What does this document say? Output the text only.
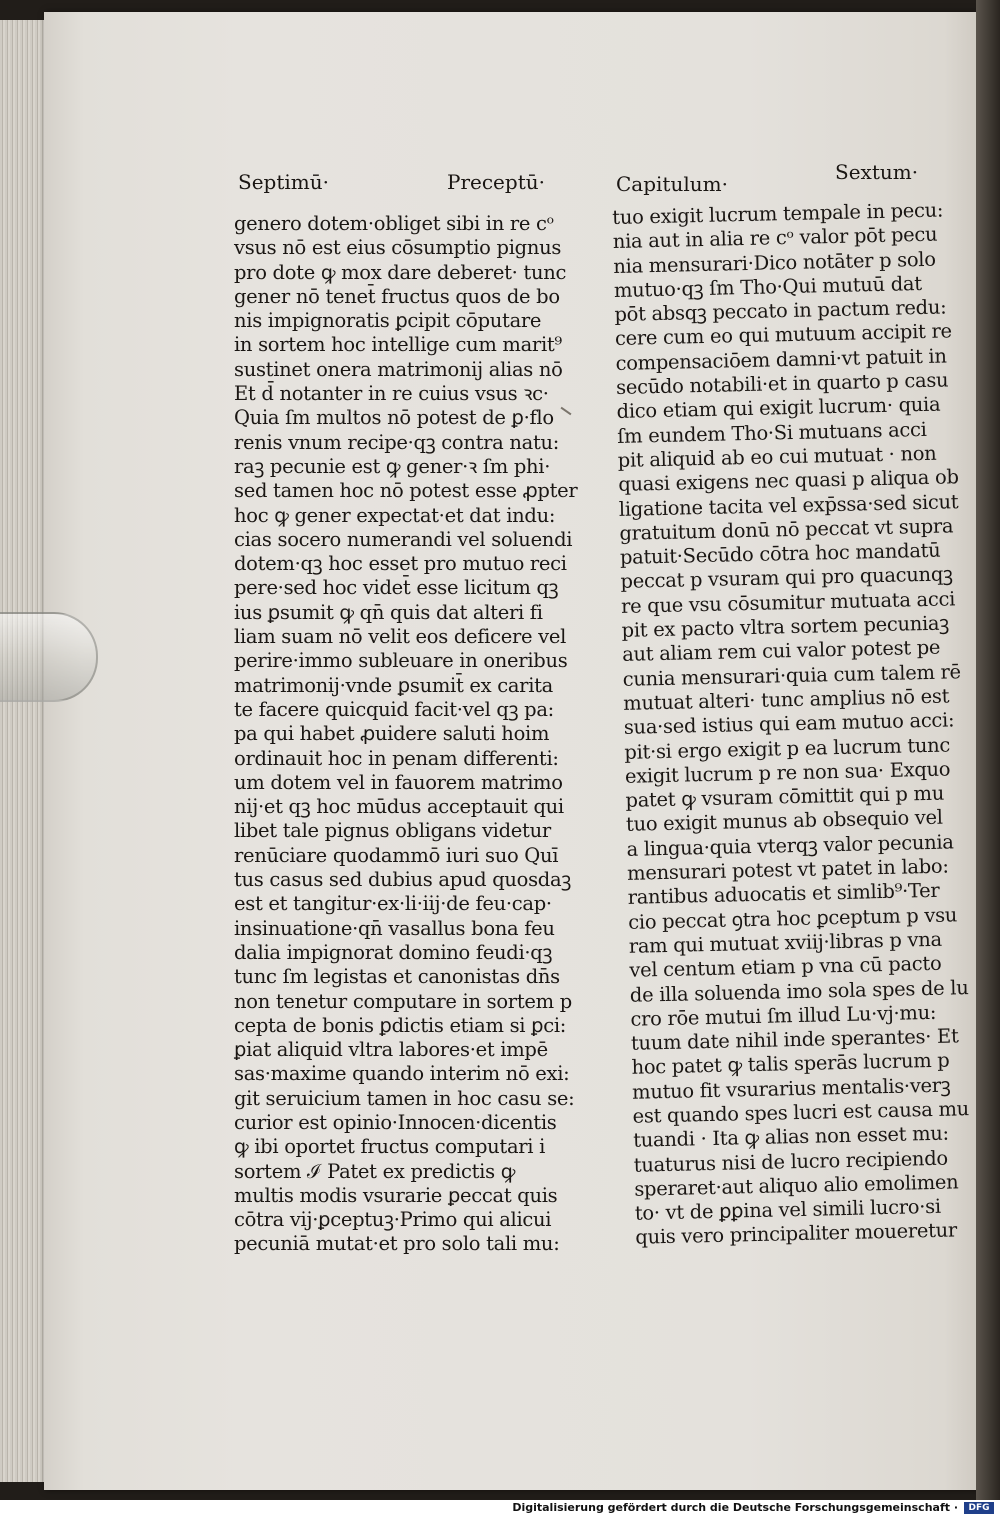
Septimū·	Preceptū·	Capitulum·	Sextum·
genero dotem·obliget sibi in re cᵒ
vsus nō est eius cōsumptio pignus
pro dote ꝙ mox dare deberet· tunc
gener nō tenet̄ fructus quos de bo
nis impignoratis ꝑcipit cōputare
in sortem hoc intellige cum marit⁹
sustinet onera matrimonij alias nō
Et d̄ notanter in re cuius vsus ꝛc·
Quia ſm multos nō potest de ꝑ·flo
renis vnum recipe·qꝫ contra natu:
raꝫ pecunie est ꝙ gener·ꝛ ſm phi·
sed tamen hoc nō potest esse ꝓpter
hoc ꝙ gener expectat·et dat indu:
cias socero numerandi vel soluendi
dotem·qꝫ hoc esset pro mutuo reci
pere·sed hoc videt̄ esse licitum qꝫ
ius ꝑsumit ꝙ qn̄ quis dat alteri fi
liam suam nō velit eos deficere vel
perire·immo subleuare in oneribus
matrimonij·vnde ꝑsumit̄ ex carita
te facere quicquid facit·vel qꝫ pa:
pa qui habet ꝓuidere saluti hoim
ordinauit hoc in penam differenti:
um dotem vel in fauorem matrimo
nij·et qꝫ hoc mūdus acceptauit qui
libet tale pignus obligans videtur
renūciare quodammō iuri suo Quī
tus casus sed dubius apud quosdaꝫ
est et tangitur·ex·li·iij·de feu·cap·
insinuatione·qn̄ vasallus bona feu
dalia impignorat domino feudi·qꝫ
tunc ſm legistas et canonistas dn̄s
non tenetur computare in sortem p
cepta de bonis ꝑdictis etiam si ꝑci:
ꝑiat aliquid vltra labores·et impē
sas·maxime quando interim nō exi:
git seruicium tamen in hoc casu se:
curior est opinio·Innocen·dicentis
ꝙ ibi oportet fructus computari i
sortem ℐ Patet ex predictis ꝙ
multis modis vsurarie ꝑeccat quis
cōtra vij·ꝑceptuꝫ·Primo qui alicui
pecuniā mutat·et pro solo tali mu:
tuo exigit lucrum tempale in pecu:
nia aut in alia re cᵒ valor pōt pecu
nia mensurari·Dico notāter p solo
mutuo·qꝫ ſm Tho·Qui mutuū dat
pōt absqꝫ peccato in pactum redu:
cere cum eo qui mutuum accipit re
compensaciōem damni·vt patuit in
secūdo notabili·et in quarto p casu
dico etiam qui exigit lucrum· quia
ſm eundem Tho·Si mutuans acci
pit aliquid ab eo cui mutuat · non
quasi exigens nec quasi p aliqua ob
ligatione tacita vel exp̄ssa·sed sicut
gratuitum donū nō peccat vt supra
patuit·Secūdo cōtra hoc mandatū
peccat p vsuram qui pro quacunqꝫ
re que vsu cōsumitur mutuata acci
pit ex pacto vltra sortem pecuniaꝫ
aut aliam rem cui valor potest pe
cunia mensurari·quia cum talem rē
mutuat alteri· tunc amplius nō est
sua·sed istius qui eam mutuo acci:
pit·si ergo exigit p ea lucrum tunc
exigit lucrum p re non sua· Exquo
patet ꝙ vsuram cōmittit qui p mu
tuo exigit munus ab obsequio vel
a lingua·quia vterqꝫ valor pecunia
mensurari potest vt patet in labo:
rantibus aduocatis et simlib⁹·Ter
cio peccat ꝯtra hoc ꝑceptum p vsu
ram qui mutuat xviij·libras p vna
vel centum etiam p vna cū pacto
de illa soluenda imo sola spes de lu
cro rōe mutui ſm illud Lu·vj·mu:
tuum date nihil inde sperantes· Et
hoc patet ꝙ talis sperās lucrum p
mutuo fit vsurarius mentalis·verꝫ
est quando spes lucri est causa mu
tuandi · Ita ꝙ alias non esset mu:
tuaturus nisi de lucro recipiendo
speraret·aut aliquo alio emolimen
to· vt de ꝑꝑina vel simili lucro·si
quis vero principaliter moueretur
Digitalisierung gefördert durch die Deutsche Forschungsgemeinschaft ·	DFG
